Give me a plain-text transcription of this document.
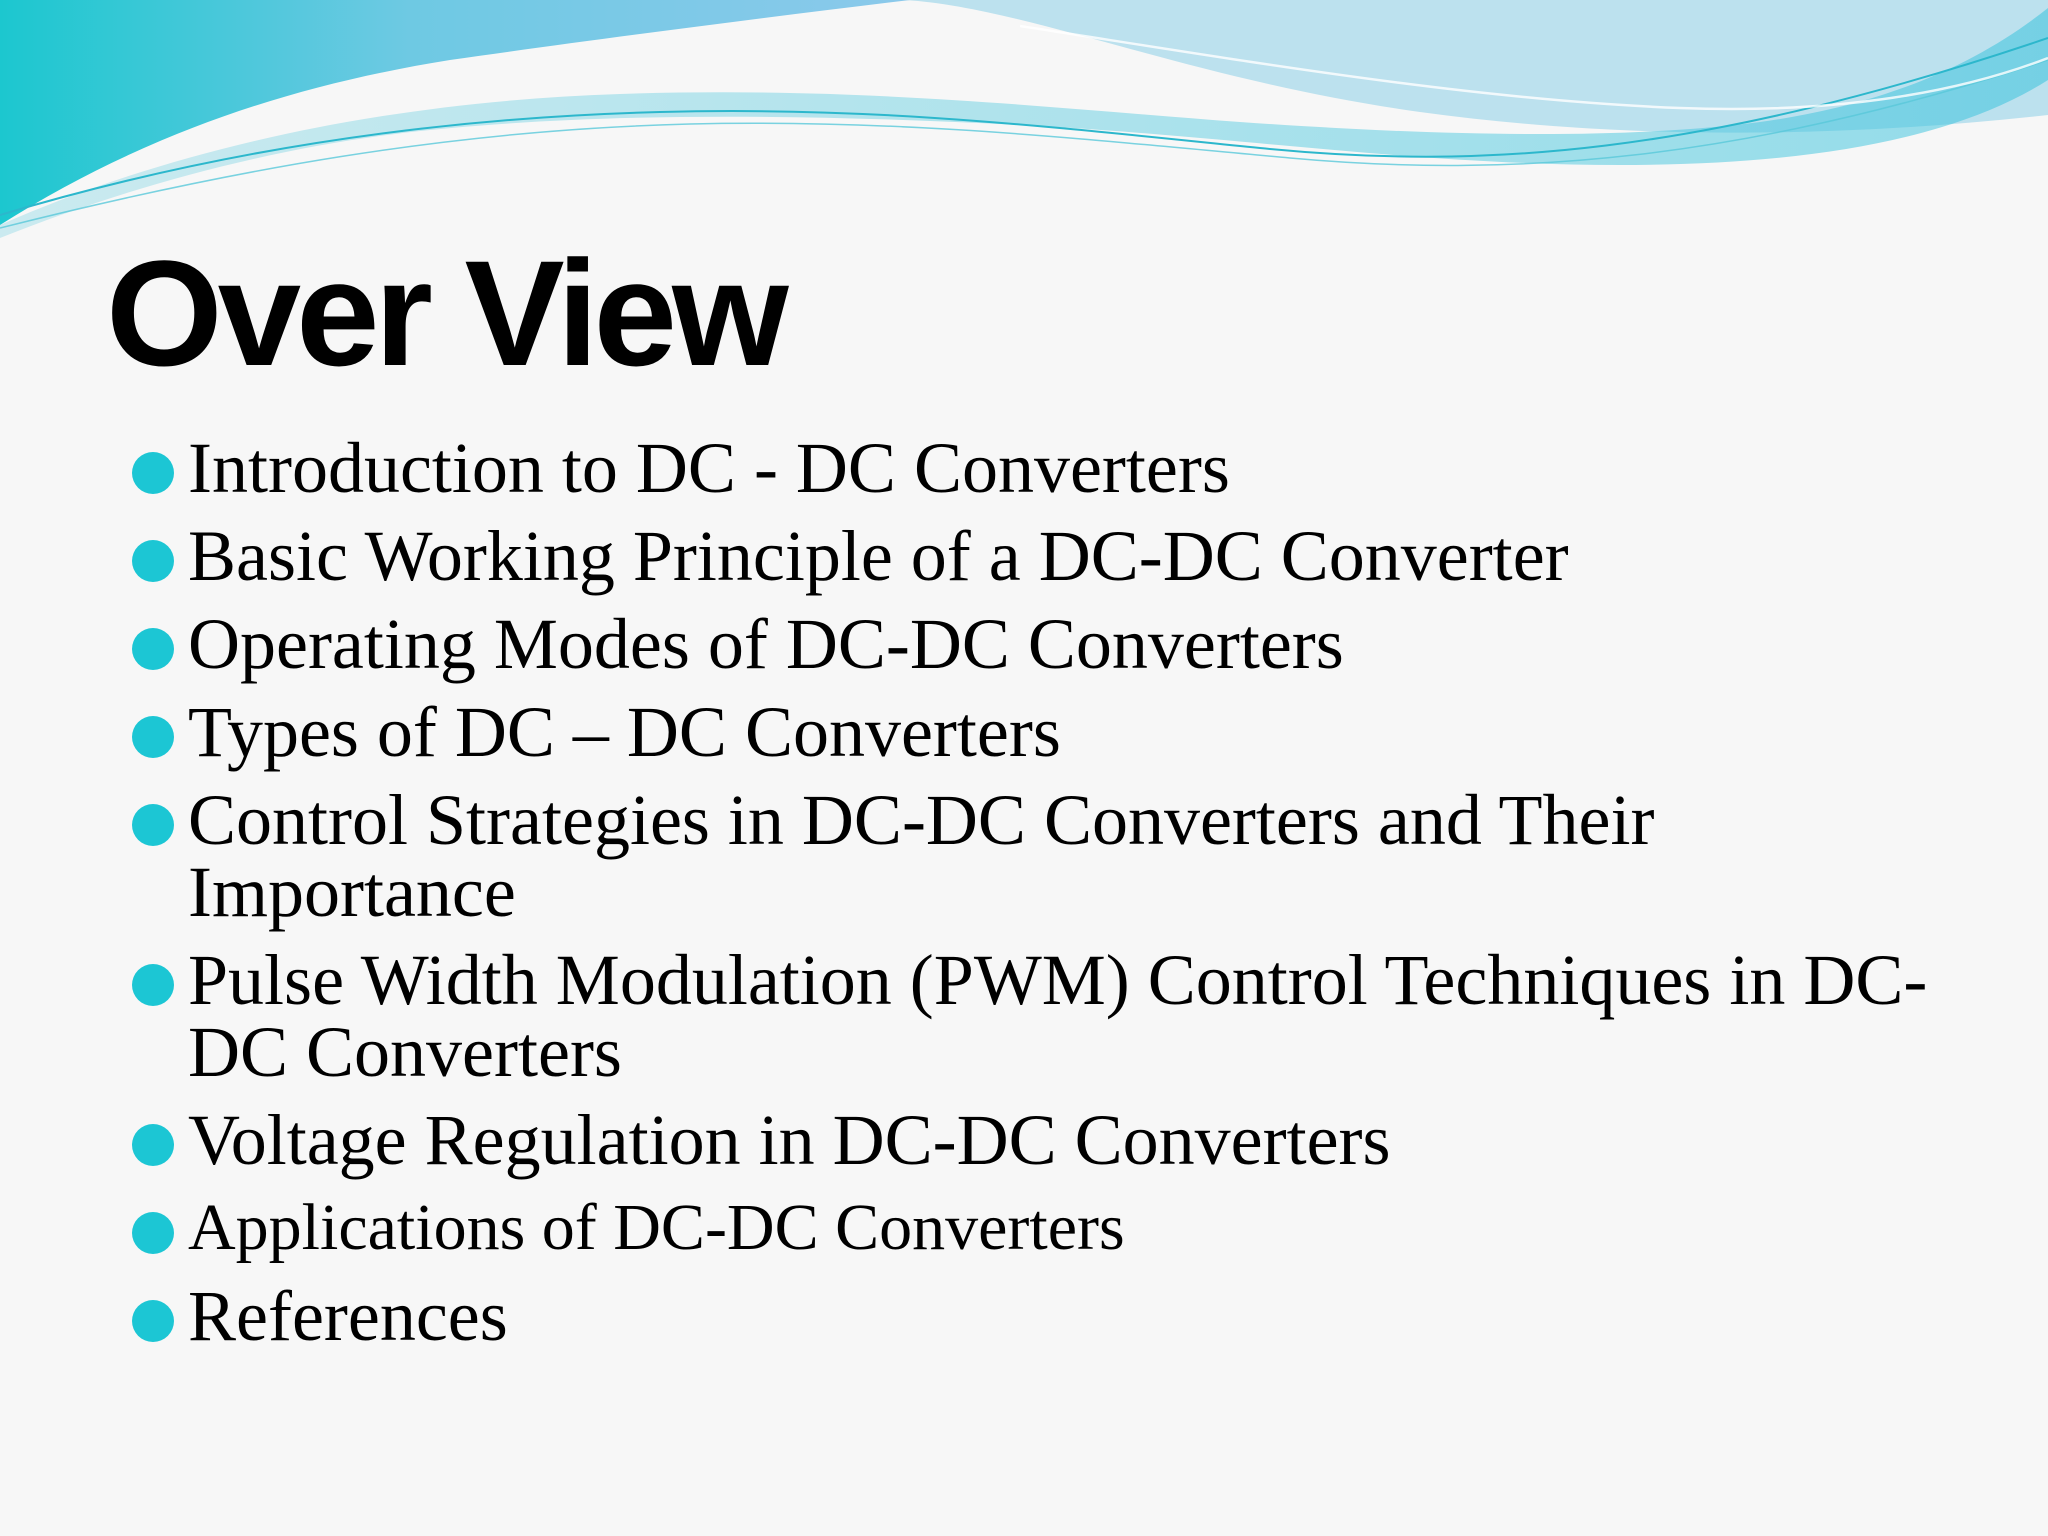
Over View
Introduction to DC - DC Converters
Basic Working Principle of a DC-DC Converter
Operating Modes of DC-DC Converters
Types of DC – DC Converters
Control Strategies in DC-DC Converters and Their Importance
Pulse Width Modulation (PWM) Control Techniques in DC-DC Converters
Voltage Regulation in DC-DC Converters
Applications of DC-DC Converters
References
